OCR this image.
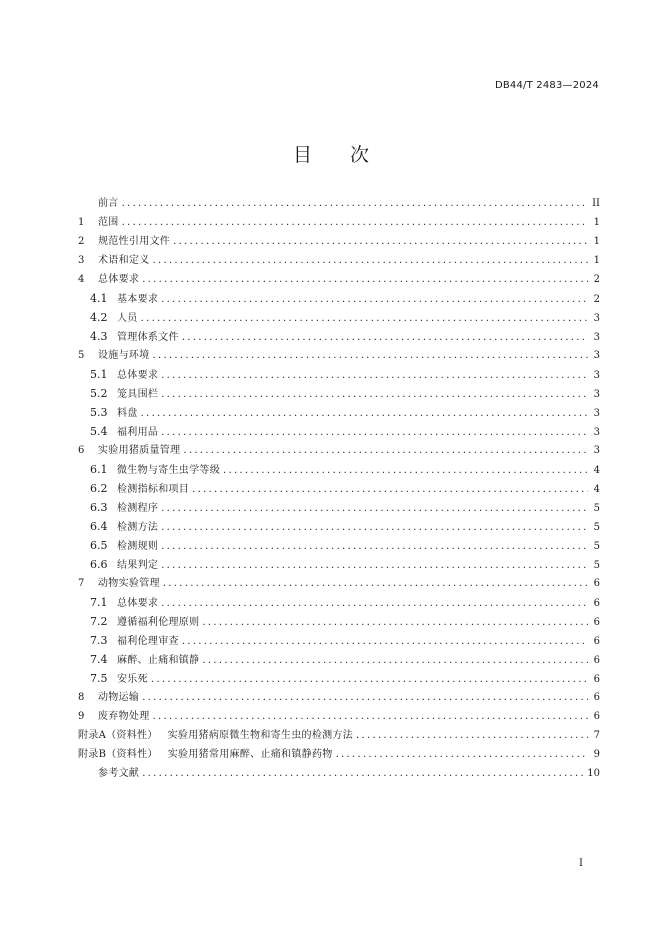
DB44/T 2483—2024
目　　次
前言 .....	II
1	范围 .....	1
2	规范性引用文件 .....	1
3	术语和定义 .....	1
4	总体要求 .....	2
4.1 基本要求 .....	2
4.2 人员 .....	3
4.3 管理体系文件 .....	3
5	设施与环境 .....	3
5.1 总体要求 .....	3
5.2 笼具围栏 .....	3
5.3 料盘 .....	3
5.4 福利用品 .....	3
6	实验用猪质量管理 .....	3
6.1 微生物与寄生虫学等级 .....	4
6.2 检测指标和项目 .....	4
6.3 检测程序 .....	5
6.4 检测方法 .....	5
6.5 检测规则 .....	5
6.6 结果判定 .....	5
7	动物实验管理 .....	6
7.1 总体要求 .....	6
7.2 遵循福利伦理原则 .....	6
7.3 福利伦理审查 .....	6
7.4 麻醉、止痛和镇静 .....	6
7.5 安乐死 .....	6
8	动物运输 .....	6
9	废弃物处理 .....	6
附录A（资料性） 实验用猪病原微生物和寄生虫的检测方法 .....	7
附录B（资料性） 实验用猪常用麻醉、止痛和镇静药物 .....	9
参考文献 .....	10
I
